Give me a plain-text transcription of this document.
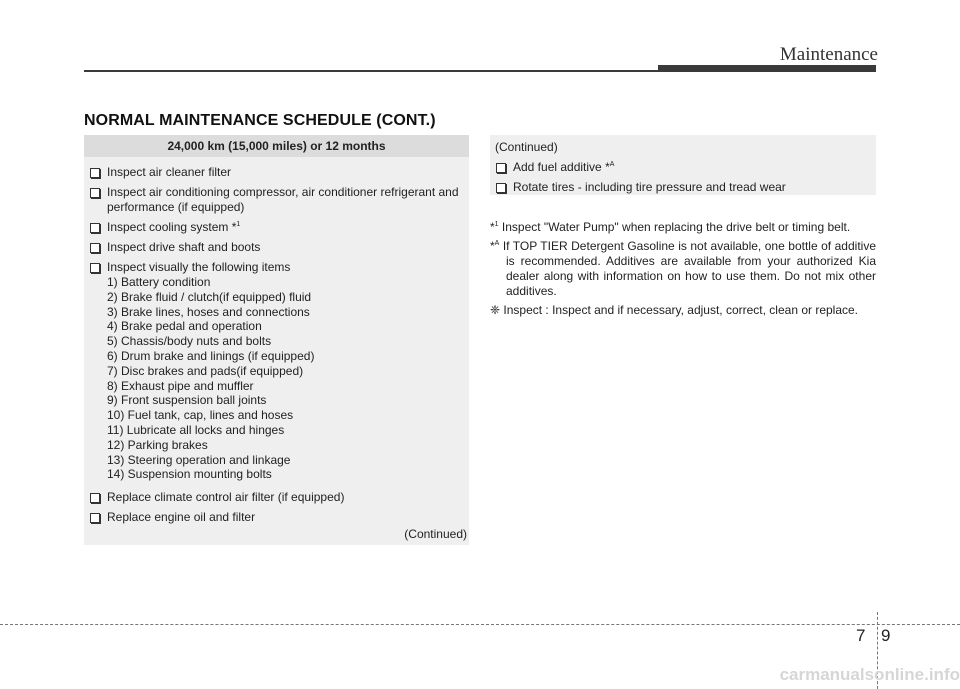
Maintenance
NORMAL MAINTENANCE SCHEDULE (CONT.)
24,000 km (15,000 miles) or 12 months
Inspect air cleaner filter
Inspect air conditioning compressor, air conditioner refrigerant and performance (if equipped)
Inspect cooling system *$^1$
Inspect drive shaft and boots
Inspect visually the following items
1) Battery condition
2) Brake fluid / clutch(if equipped) fluid
3) Brake lines, hoses and connections
4) Brake pedal and operation
5) Chassis/body nuts and bolts
6) Drum brake and linings (if equipped)
7) Disc brakes and pads(if equipped)
8) Exhaust pipe and muffler
9) Front suspension ball joints
10) Fuel tank, cap, lines and hoses
11) Lubricate all locks and hinges
12) Parking brakes
13) Steering operation and linkage
14) Suspension mounting bolts
Replace climate control air filter (if equipped)
Replace engine oil and filter
(Continued)
(Continued)
Add fuel additive *$^A$
Rotate tires - including tire pressure and tread wear
*$^1$ Inspect "Water Pump" when replacing the drive belt or timing belt.
*$^A$ If TOP TIER Detergent Gasoline is not available, one bottle of additive is recommended. Additives are available from your authorized Kia dealer along with information on how to use them. Do not mix other additives.
❈ Inspect : Inspect and if necessary, adjust, correct, clean or replace.
7 9
carmanualsonline.info
